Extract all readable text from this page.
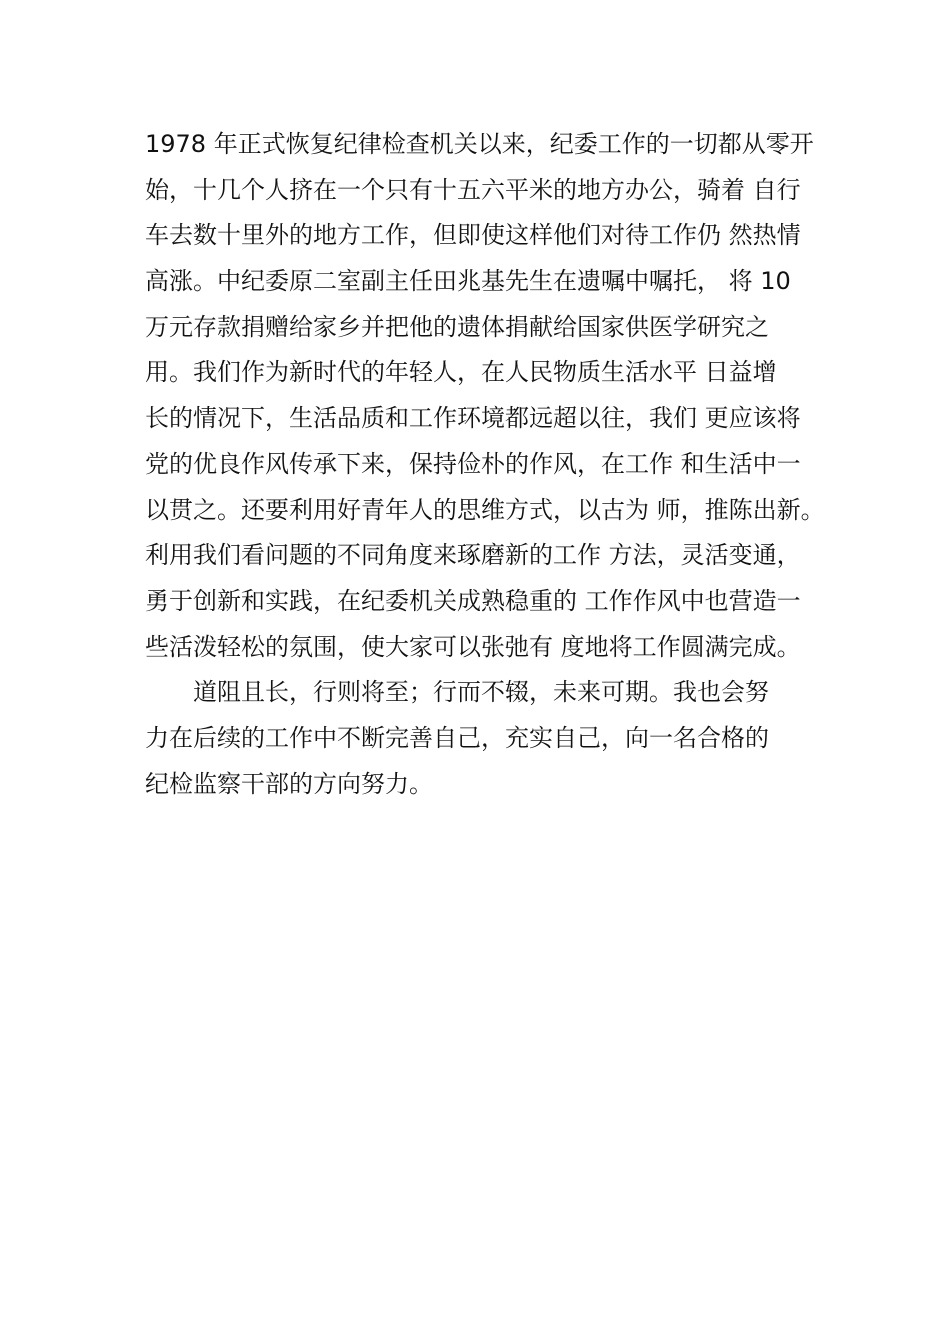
1978 年正式恢复纪律检查机关以来，纪委工作的一切都从零开
始，十几个人挤在一个只有十五六平米的地方办公，骑着 自行
车去数十里外的地方工作，但即使这样他们对待工作仍 然热情
高涨。中纪委原二室副主任田兆基先生在遗嘱中嘱托， 将 10
万元存款捐赠给家乡并把他的遗体捐献给国家供医学研究之
用。我们作为新时代的年轻人，在人民物质生活水平 日益增
长的情况下，生活品质和工作环境都远超以往，我们 更应该将
党的优良作风传承下来，保持俭朴的作风，在工作 和生活中一
以贯之。还要利用好青年人的思维方式，以古为 师，推陈出新。
利用我们看问题的不同角度来琢磨新的工作 方法，灵活变通，
勇于创新和实践，在纪委机关成熟稳重的 工作作风中也营造一
些活泼轻松的氛围，使大家可以张弛有 度地将工作圆满完成。
道阻且长，行则将至；行而不辍，未来可期。我也会努
力在后续的工作中不断完善自己，充实自己，向一名合格的
纪检监察干部的方向努力。
